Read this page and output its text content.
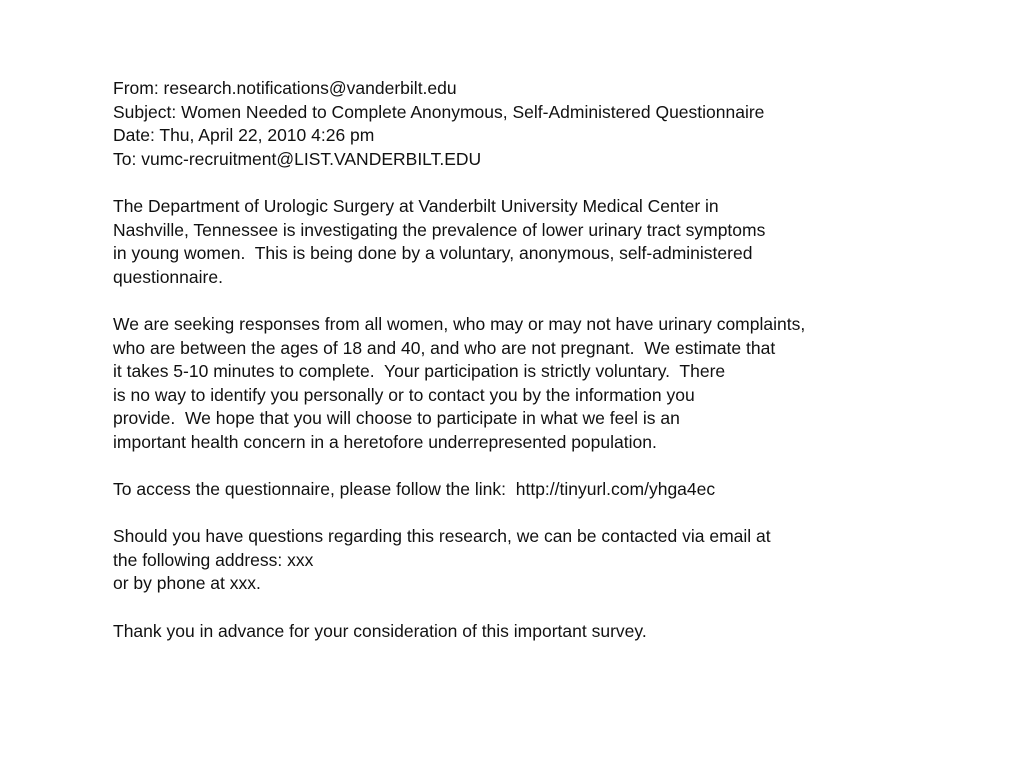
From: research.notifications@vanderbilt.edu
Subject: Women Needed to Complete Anonymous, Self-Administered Questionnaire
Date: Thu, April 22, 2010 4:26 pm
To: vumc-recruitment@LIST.VANDERBILT.EDU
The Department of Urologic Surgery at Vanderbilt University Medical Center in
Nashville, Tennessee is investigating the prevalence of lower urinary tract symptoms
in young women.  This is being done by a voluntary, anonymous, self-administered
questionnaire.
We are seeking responses from all women, who may or may not have urinary complaints,
who are between the ages of 18 and 40, and who are not pregnant.  We estimate that
it takes 5-10 minutes to complete.  Your participation is strictly voluntary.  There
is no way to identify you personally or to contact you by the information you
provide.  We hope that you will choose to participate in what we feel is an
important health concern in a heretofore underrepresented population.
To access the questionnaire, please follow the link:  http://tinyurl.com/yhga4ec
Should you have questions regarding this research, we can be contacted via email at
the following address: xxx
or by phone at xxx.
Thank you in advance for your consideration of this important survey.
